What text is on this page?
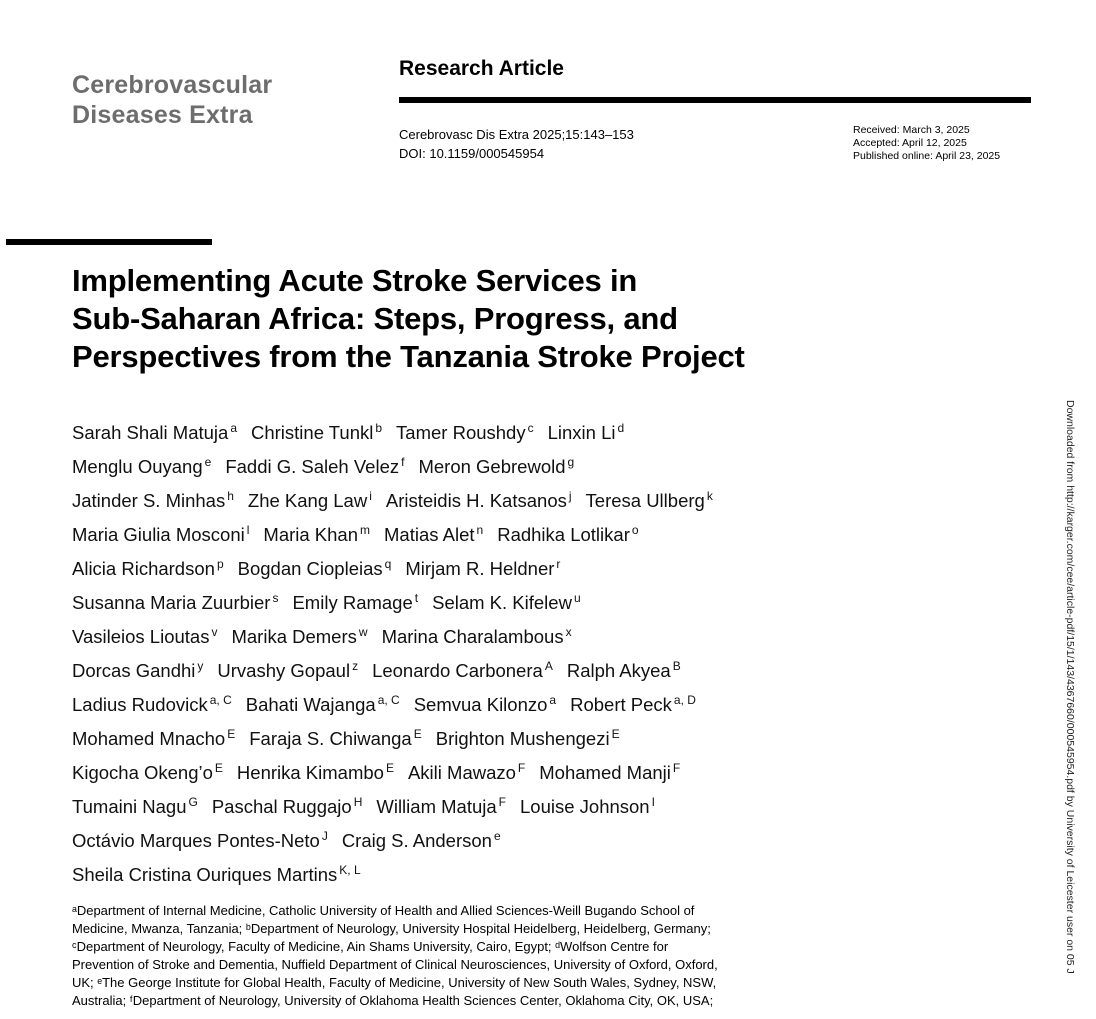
Cerebrovascular
Diseases Extra
Research Article
Cerebrovasc Dis Extra 2025;15:143–153
DOI: 10.1159/000545954
Received: March 3, 2025
Accepted: April 12, 2025
Published online: April 23, 2025
Implementing Acute Stroke Services in
Sub-Saharan Africa: Steps, Progress, and
Perspectives from the Tanzania Stroke Project
Sarah Shali Matuja $^a$ Christine Tunkl $^b$ Tamer Roushdy $^c$ Linxin Li $^d$
Menglu Ouyang $^e$ Faddi G. Saleh Velez $^f$ Meron Gebrewold $^g$
Jatinder S. Minhas $^h$ Zhe Kang Law $^i$ Aristeidis H. Katsanos $^j$ Teresa Ullberg $^k$
Maria Giulia Mosconi $^l$ Maria Khan $^m$ Matias Alet $^n$ Radhika Lotlikar $^o$
Alicia Richardson $^p$ Bogdan Ciopleias $^q$ Mirjam R. Heldner $^r$
Susanna Maria Zuurbier $^s$ Emily Ramage $^t$ Selam K. Kifelew $^u$
Vasileios Lioutas $^v$ Marika Demers $^w$ Marina Charalambous $^x$
Dorcas Gandhi $^y$ Urvashy Gopaul $^z$ Leonardo Carbonera $^A$ Ralph Akyea $^B$
Ladius Rudovick $^{a, C}$ Bahati Wajanga $^{a, C}$ Semvua Kilonzo $^a$ Robert Peck $^{a, D}$
Mohamed Mnacho $^E$ Faraja S. Chiwanga $^E$ Brighton Mushengezi $^E$
Kigocha Okeng’o $^E$ Henrika Kimambo $^E$ Akili Mawazo $^F$ Mohamed Manji $^F$
Tumaini Nagu $^G$ Paschal Ruggajo $^H$ William Matuja $^F$ Louise Johnson $^I$
Octávio Marques Pontes-Neto $^J$ Craig S. Anderson $^e$
Sheila Cristina Ouriques Martins $^{K, L}$
ᵃDepartment of Internal Medicine, Catholic University of Health and Allied Sciences-Weill Bugando School of
Medicine, Mwanza, Tanzania; ᵇDepartment of Neurology, University Hospital Heidelberg, Heidelberg, Germany;
ᶜDepartment of Neurology, Faculty of Medicine, Ain Shams University, Cairo, Egypt; ᵈWolfson Centre for
Prevention of Stroke and Dementia, Nuffield Department of Clinical Neurosciences, University of Oxford, Oxford,
UK; ᵉThe George Institute for Global Health, Faculty of Medicine, University of New South Wales, Sydney, NSW,
Australia; ᶠDepartment of Neurology, University of Oklahoma Health Sciences Center, Oklahoma City, OK, USA;
Downloaded from http://karger.com/cee/article-pdf/15/1/143/4367660/000545954.pdf by University of Leicester user on 05 J
